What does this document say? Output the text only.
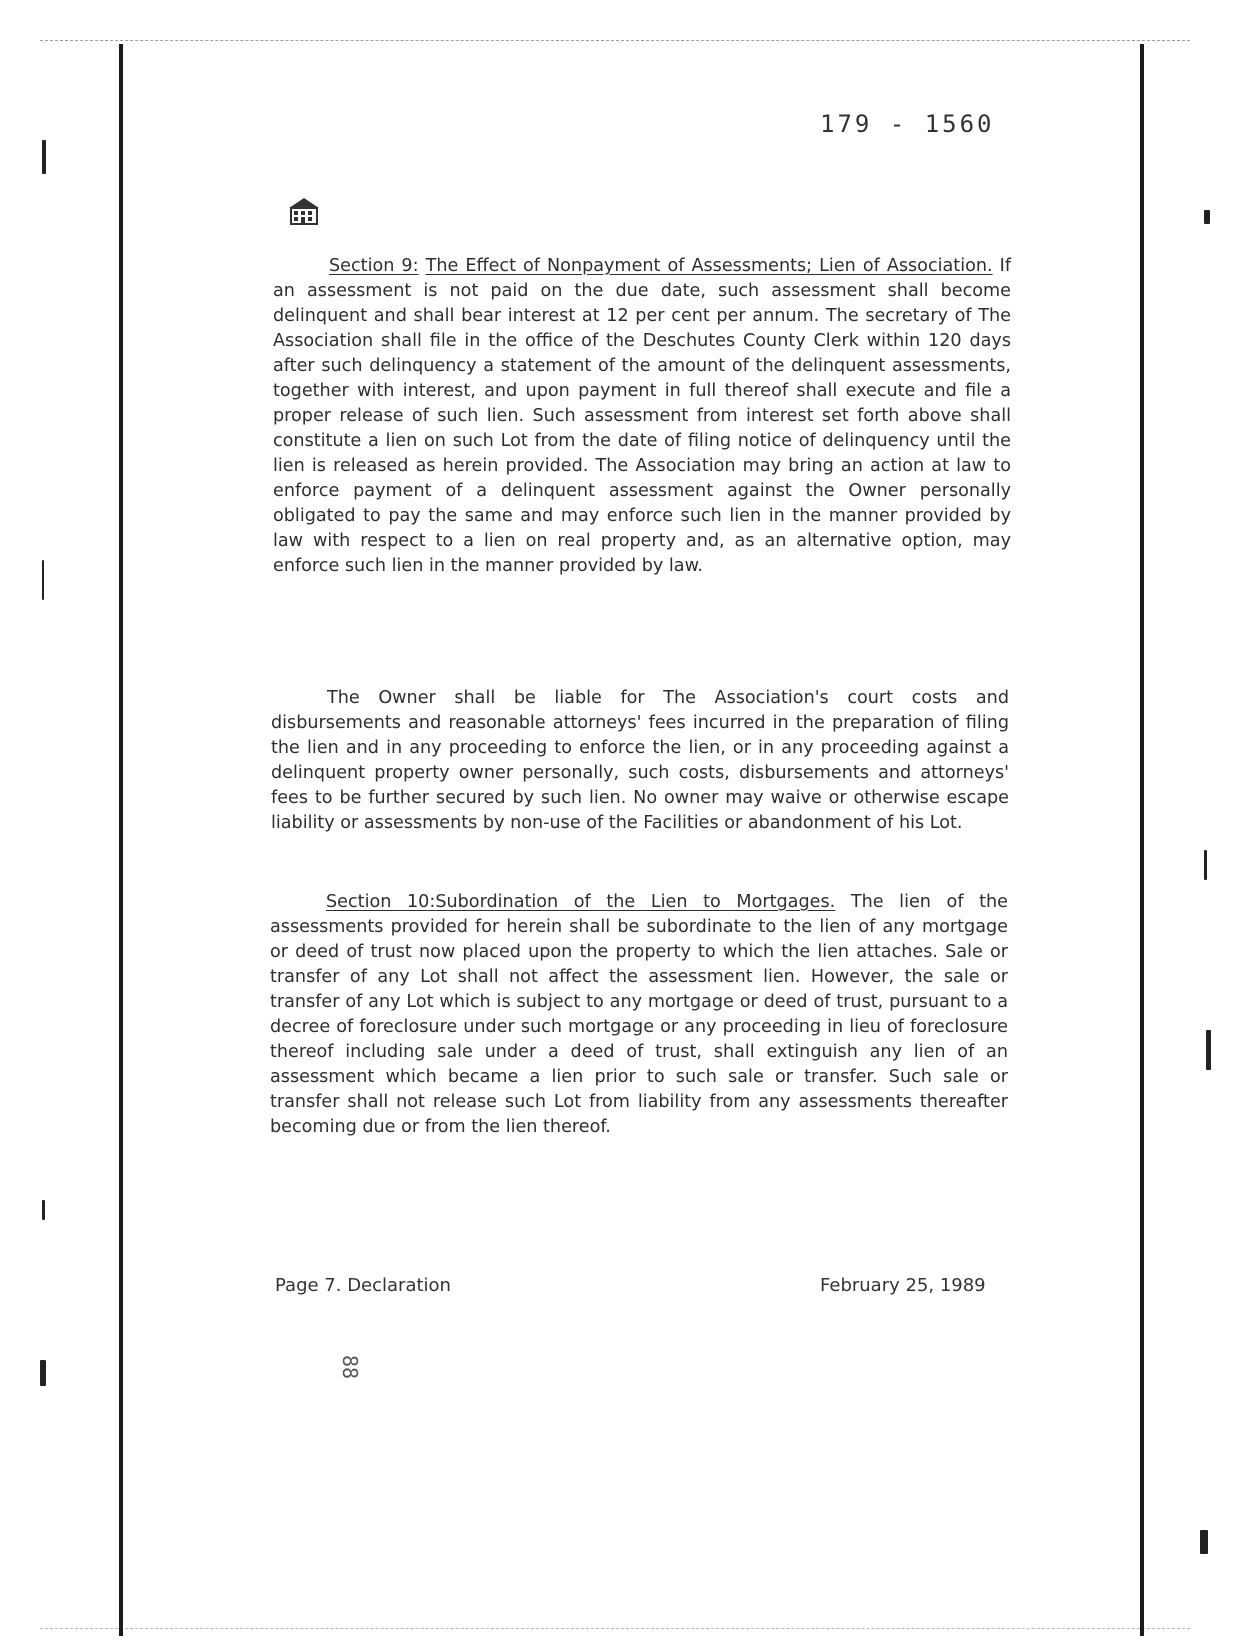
179 - 1560

Section 9: The Effect of Nonpayment of Assessments; Lien of Association. If an assessment is not paid on the due date, such assessment shall become delinquent and shall bear interest at 12 per cent per annum. The secretary of The Association shall file in the office of the Deschutes County Clerk within 120 days after such delinquency a statement of the amount of the delinquent assessments, together with interest, and upon payment in full thereof shall execute and file a proper release of such lien. Such assessment from interest set forth above shall constitute a lien on such Lot from the date of filing notice of delinquency until the lien is released as herein provided. The Association may bring an action at law to enforce payment of a delinquent assessment against the Owner personally obligated to pay the same and may enforce such lien in the manner provided by law with respect to a lien on real property and, as an alternative option, may enforce such lien in the manner provided by law.

The Owner shall be liable for The Association's court costs and disbursements and reasonable attorneys' fees incurred in the preparation of filing the lien and in any proceeding to enforce the lien, or in any proceeding against a delinquent property owner personally, such costs, disbursements and attorneys' fees to be further secured by such lien. No owner may waive or otherwise escape liability or assessments by non-use of the Facilities or abandonment of his Lot.

Section 10:Subordination of the Lien to Mortgages. The lien of the assessments provided for herein shall be subordinate to the lien of any mortgage or deed of trust now placed upon the property to which the lien attaches. Sale or transfer of any Lot shall not affect the assessment lien. However, the sale or transfer of any Lot which is subject to any mortgage or deed of trust, pursuant to a decree of foreclosure under such mortgage or any proceeding in lieu of foreclosure thereof including sale under a deed of trust, shall extinguish any lien of an assessment which became a lien prior to such sale or transfer. Such sale or transfer shall not release such Lot from liability from any assessments thereafter becoming due or from the lien thereof.

Page 7. Declaration	February 25, 1989
88
